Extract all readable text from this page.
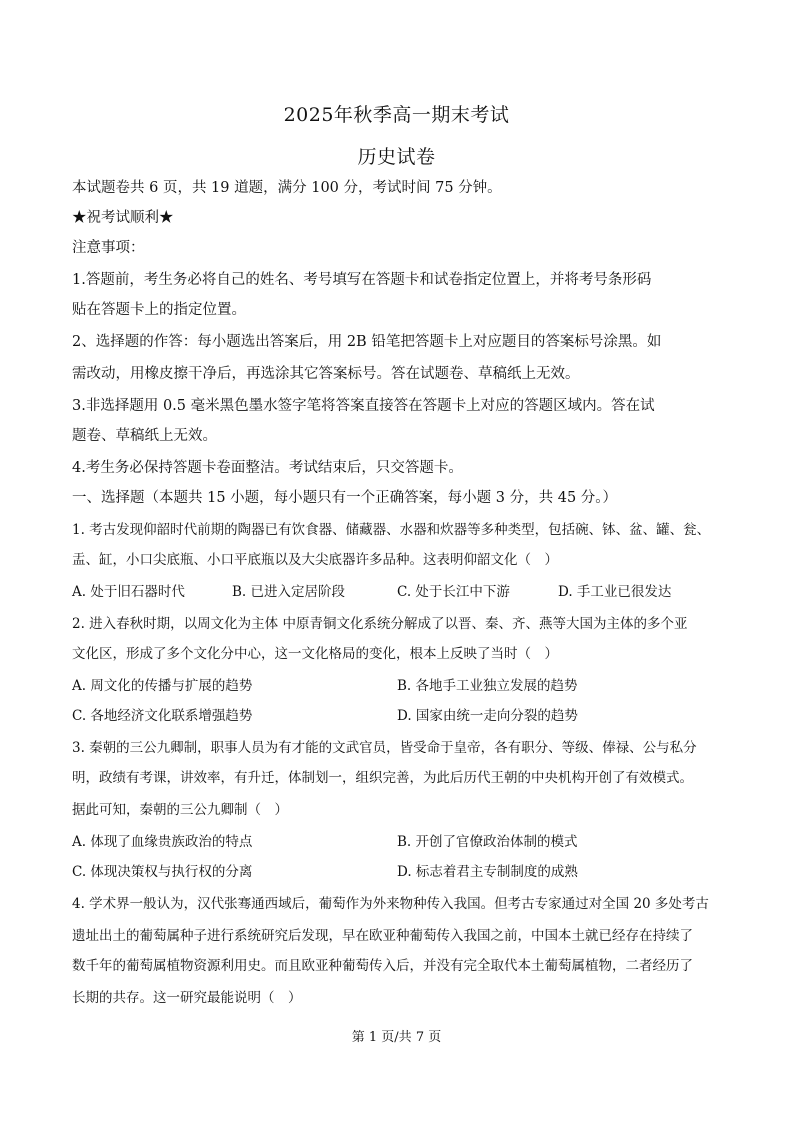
2025年秋季高一期末考试
历史试卷
本试题卷共 6 页，共 19 道题，满分 100 分，考试时间 75 分钟。
★祝考试顺利★
注意事项：
1.答题前，考生务必将自己的姓名、考号填写在答题卡和试卷指定位置上，并将考号条形码
贴在答题卡上的指定位置。
2、选择题的作答：每小题选出答案后，用 2B 铅笔把答题卡上对应题目的答案标号涂黑。如
需改动，用橡皮擦干净后，再选涂其它答案标号。答在试题卷、草稿纸上无效。
3.非选择题用 0.5 毫米黑色墨水签字笔将答案直接答在答题卡上对应的答题区域内。答在试
题卷、草稿纸上无效。
4.考生务必保持答题卡卷面整洁。考试结束后，只交答题卡。
一、选择题（本题共 15 小题，每小题只有一个正确答案，每小题 3 分，共 45 分。）
1. 考古发现仰韶时代前期的陶器已有饮食器、储藏器、水器和炊器等多种类型，包括碗、钵、盆、罐、瓮、
盂、缸，小口尖底瓶、小口平底瓶以及大尖底器许多品种。这表明仰韶文化（　）
A. 处于旧石器时代	B. 已进入定居阶段	C. 处于长江中下游	D. 手工业已很发达
2. 进入春秋时期，以周文化为主体 中原青铜文化系统分解成了以晋、秦、齐、燕等大国为主体的多个亚
文化区，形成了多个文化分中心，这一文化格局的变化，根本上反映了当时（　）
A. 周文化的传播与扩展的趋势	B. 各地手工业独立发展的趋势
C. 各地经济文化联系增强趋势	D. 国家由统一走向分裂的趋势
3. 秦朝的三公九卿制，职事人员为有才能的文武官员，皆受命于皇帝，各有职分、等级、俸禄、公与私分
明，政绩有考课，讲效率，有升迁，体制划一，组织完善，为此后历代王朝的中央机构开创了有效模式。
据此可知，秦朝的三公九卿制（　）
A. 体现了血缘贵族政治的特点	B. 开创了官僚政治体制的模式
C. 体现决策权与执行权的分离	D. 标志着君主专制制度的成熟
4. 学术界一般认为，汉代张骞通西域后，葡萄作为外来物种传入我国。但考古专家通过对全国 20 多处考古
遗址出土的葡萄属种子进行系统研究后发现，早在欧亚种葡萄传入我国之前，中国本土就已经存在持续了
数千年的葡萄属植物资源利用史。而且欧亚种葡萄传入后，并没有完全取代本土葡萄属植物，二者经历了
长期的共存。这一研究最能说明（　）
第 1 页/共 7 页
